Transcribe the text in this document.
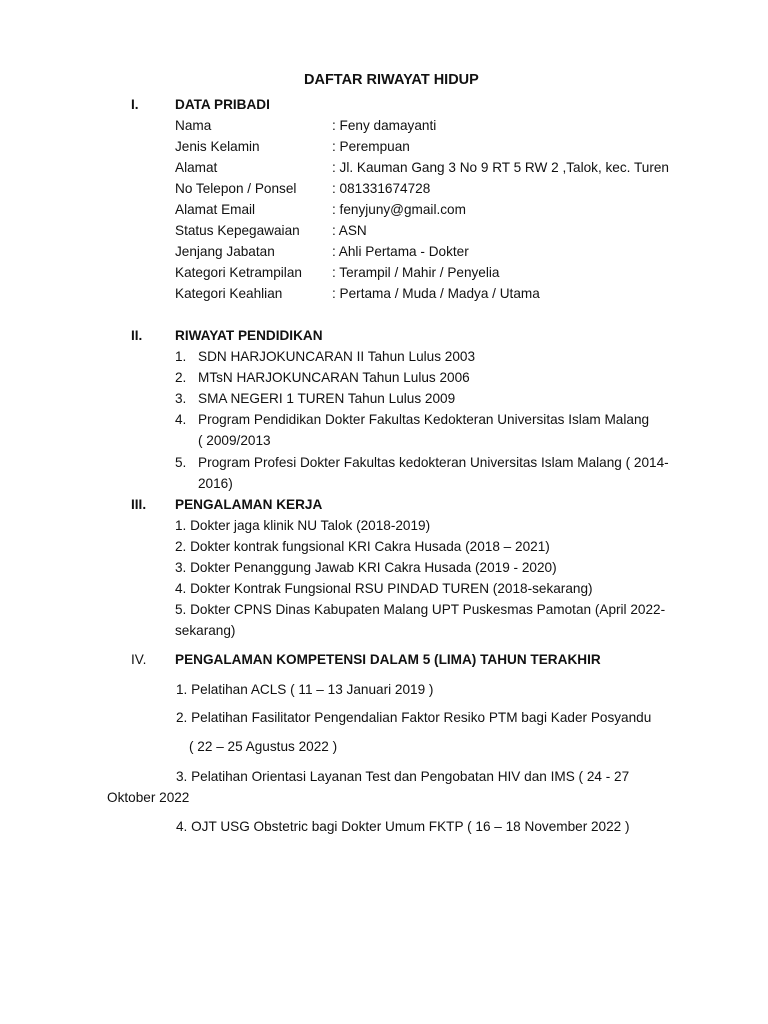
DAFTAR RIWAYAT HIDUP
I.	DATA PRIBADI
Nama	: Feny damayanti
Jenis Kelamin	: Perempuan
Alamat	: Jl. Kauman Gang 3 No 9 RT 5 RW 2 ,Talok, kec. Turen
No Telepon / Ponsel	: 081331674728
Alamat Email	: fenyjuny@gmail.com
Status Kepegawaian : ASN
Jenjang Jabatan	: Ahli Pertama - Dokter
Kategori Ketrampilan : Terampil / Mahir / Penyelia
Kategori Keahlian	: Pertama / Muda / Madya / Utama
II. RIWAYAT PENDIDIKAN
1. SDN HARJOKUNCARAN II Tahun Lulus 2003
2. MTsN HARJOKUNCARAN Tahun Lulus 2006
3. SMA NEGERI 1 TUREN Tahun Lulus 2009
4. Program Pendidikan Dokter Fakultas Kedokteran Universitas Islam Malang
( 2009/2013
5. Program Profesi Dokter Fakultas kedokteran Universitas Islam Malang ( 2014-
2016)
III. PENGALAMAN KERJA
1. Dokter jaga klinik NU Talok (2018-2019)
2. Dokter kontrak fungsional KRI Cakra Husada (2018 – 2021)
3. Dokter Penanggung Jawab KRI Cakra Husada (2019 - 2020)
4. Dokter Kontrak Fungsional RSU PINDAD TUREN (2018-sekarang)
5. Dokter CPNS Dinas Kabupaten Malang UPT Puskesmas Pamotan (April 2022-
sekarang)
IV. PENGALAMAN KOMPETENSI DALAM 5 (LIMA) TAHUN TERAKHIR
1. Pelatihan ACLS ( 11 – 13 Januari 2019 )
2. Pelatihan Fasilitator Pengendalian Faktor Resiko PTM bagi Kader Posyandu
( 22 – 25 Agustus 2022 )
3. Pelatihan Orientasi Layanan Test dan Pengobatan HIV dan IMS ( 24 - 27
Oktober 2022
4. OJT USG Obstetric bagi Dokter Umum FKTP ( 16 – 18 November 2022 )
